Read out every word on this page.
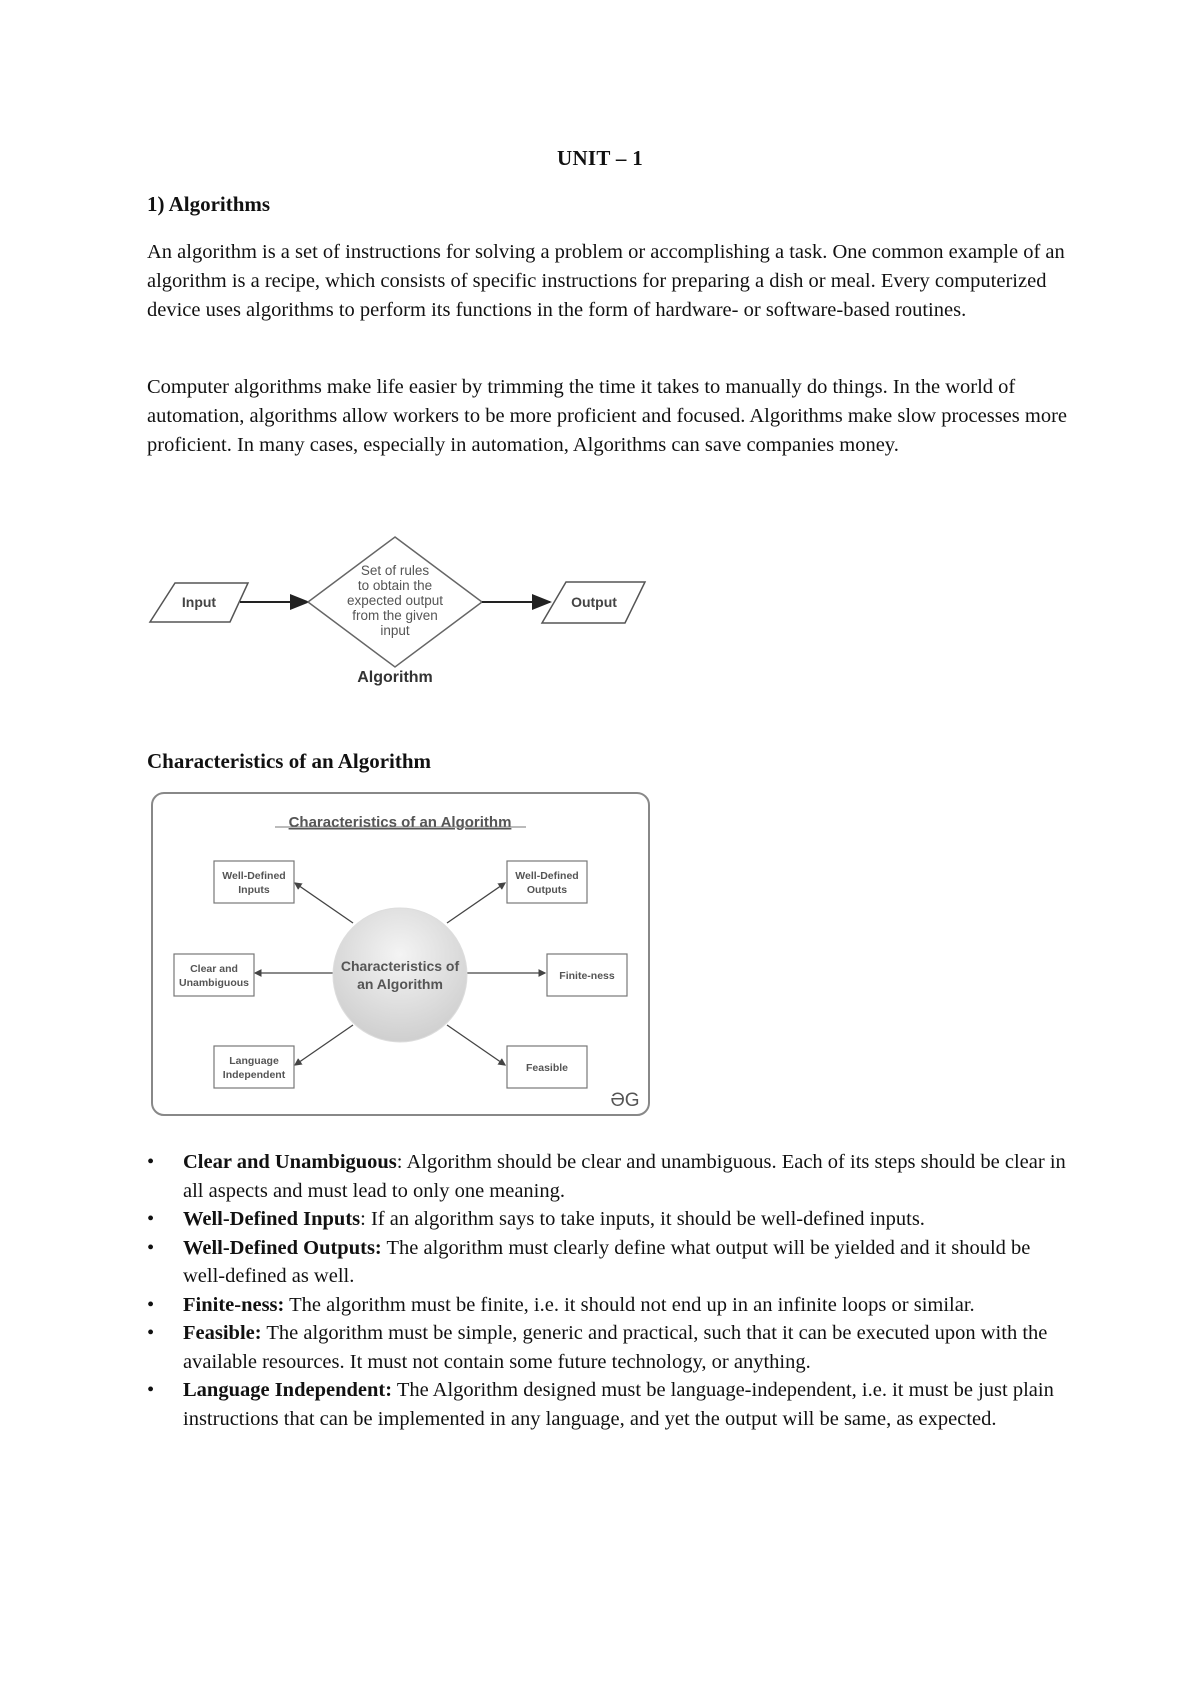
UNIT – 1
1) Algorithms

An algorithm is a set of instructions for solving a problem or accomplishing a task. One common example of an algorithm is a recipe, which consists of specific instructions for preparing a dish or meal. Every computerized device uses algorithms to perform its functions in the form of hardware- or software-based routines.

Computer algorithms make life easier by trimming the time it takes to manually do things. In the world of automation, algorithms allow workers to be more proficient and focused. Algorithms make slow processes more proficient. In many cases, especially in automation, Algorithms can save companies money.

Input
Set of rules
to obtain the
expected output
from the given
input
Algorithm
Output
Characteristics of an Algorithm
Characteristics of an Algorithm
Characteristics of
an Algorithm
Well-Defined
Inputs
Well-Defined
Outputs
Clear and
Unambiguous
Finite-ness
Language
Independent
Feasible
ƏG
• Clear and Unambiguous: Algorithm should be clear and unambiguous. Each of its steps should be clear in all aspects and must lead to only one meaning.
• Well-Defined Inputs: If an algorithm says to take inputs, it should be well-defined inputs.
• Well-Defined Outputs: The algorithm must clearly define what output will be yielded and it should be well-defined as well.
• Finite-ness: The algorithm must be finite, i.e. it should not end up in an infinite loops or similar.
• Feasible: The algorithm must be simple, generic and practical, such that it can be executed upon with the available resources. It must not contain some future technology, or anything.
• Language Independent: The Algorithm designed must be language-independent, i.e. it must be just plain instructions that can be implemented in any language, and yet the output will be same, as expected.
